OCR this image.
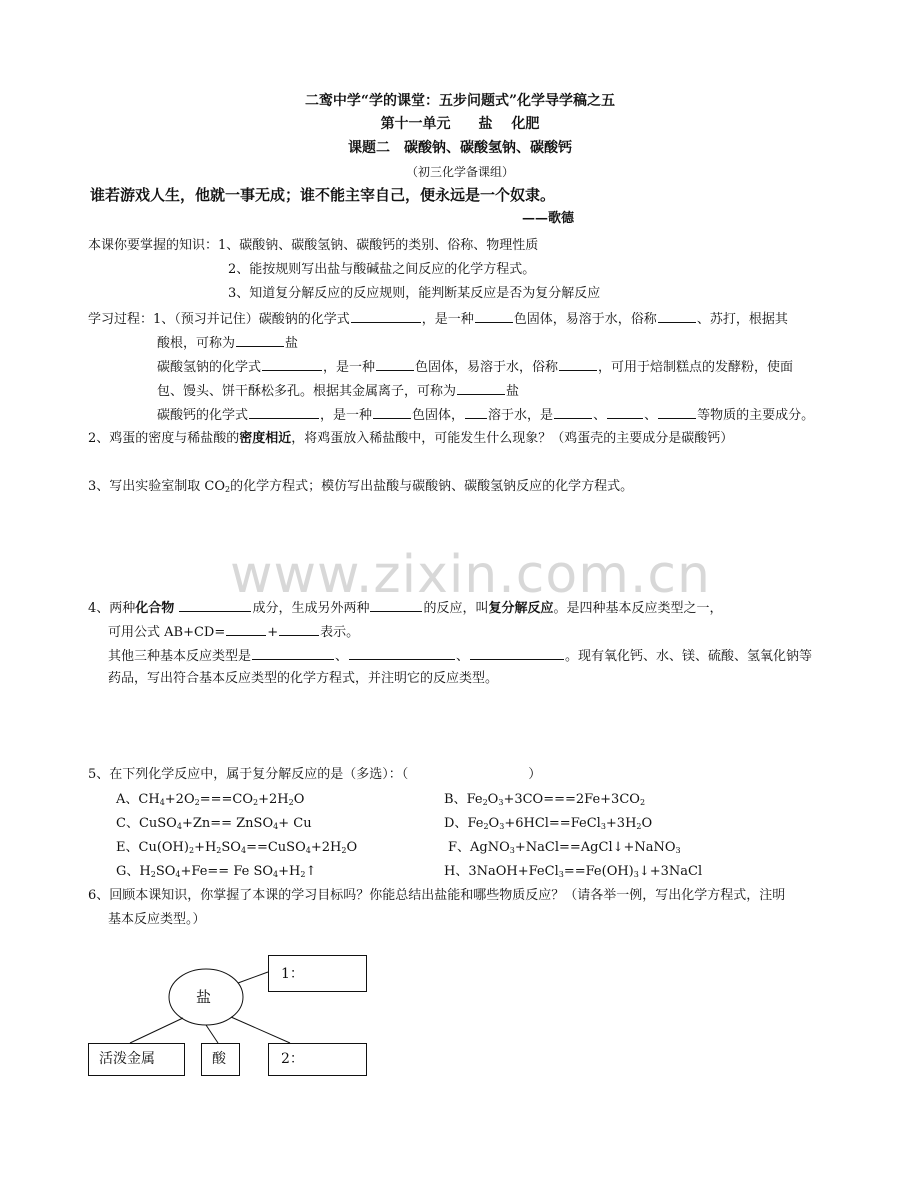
二鸾中学“学的课堂：五步问题式”化学导学稿之五
第十一单元　　盐　 化肥
课题二　碳酸钠、碳酸氢钠、碳酸钙
（初三化学备课组）
谁若游戏人生，他就一事无成；谁不能主宰自己，便永远是一个奴隶。
——歌德
本课你要掌握的知识：1、碳酸钠、碳酸氢钠、碳酸钙的类别、俗称、物理性质
2、能按规则写出盐与酸碱盐之间反应的化学方程式。
3、知道复分解反应的反应规则，能判断某反应是否为复分解反应
学习过程：1、（预习并记住）碳酸钠的化学式	，是一种	色固体，易溶于水，俗称	、苏打，根据其
酸根，可称为	盐
碳酸氢钠的化学式	，是一种	色固体，易溶于水，俗称	，可用于焙制糕点的发酵粉，使面
包、馒头、饼干酥松多孔。根据其金属离子，可称为	盐
碳酸钙的化学式	，是一种	色固体， 溶于水，是	、	、	等物质的主要成分。
2、鸡蛋的密度与稀盐酸的密度相近，将鸡蛋放入稀盐酸中，可能发生什么现象？（鸡蛋壳的主要成分是碳酸钙）
3、写出实验室制取 $CO_2$的化学方程式；模仿写出盐酸与碳酸钠、碳酸氢钠反应的化学方程式。
www.zixin.com.cn
4、两种化合物	成分，生成另外两种	的反应，叫复分解反应。是四种基本反应类型之一，
可用公式 AB+CD=	+	表示。
其他三种基本反应类型是	、	、	。现有氧化钙、水、镁、硫酸、氢氧化钠等
药品，写出符合基本反应类型的化学方程式，并注明它的反应类型。
5、在下列化学反应中，属于复分解反应的是（多选）：（	）
A、$CH_4+2O_2===CO_2+2H_2O$	B、$Fe_2O_3+3CO===2Fe+3CO_2$
C、CuSO$_4$+Zn== ZnSO$_4$+ Cu	D、$Fe_2O_3+6HCl==FeCl_3+3H_2O$
E、$Cu(OH)_2+H_2SO_4==CuSO_4+2H_2O$	F、AgNO$_3$+NaCl==AgCl↓+NaNO$_3$
G、$H_2SO_4+Fe== Fe$ $SO_4+H_2↑$	H、$3NaOH+FeCl_3==Fe(OH)_3↓+3NaCl$
6、回顾本课知识，你掌握了本课的学习目标吗？你能总结出盐能和哪些物质反应？（请各举一例，写出化学方程式，注明
基本反应类型。）
盐
1：
活泼金属	酸	2：
